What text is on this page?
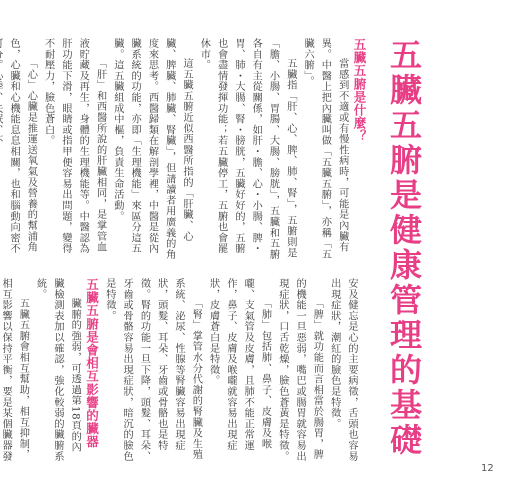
五臟五腑是健康管理的基礎

五臟五腑是什麼？

當感到不適或有慢性病時，可能是內臟有異。中醫上把內臟叫做「五臟五腑」，亦稱「五臟六腑」。

五臟指「肝、心、脾、肺、腎」，五腑則是「膽、小腸、胃腸、大腸、膀胱」，五臟和五腑各自有主從關係，如肝・膽、心・小腸、脾・胃、肺・大腸、腎・膀胱，五臟好好的，五腑也會盡情發揮功能；若五臟停工，五腑也會罷休市。

這五臟五腑近似西醫所指的「肝臟、心臟、脾臟、肺臟、腎臟」，但請讀者用廣義的角度來思考。西醫歸類在解剖學裡，中醫是從內臟系統的功能，亦即「生理機能」來區分這五臟。這五臟組成中樞，負責生命活動。

「肝」和西醫所說的肝臟相同，是掌管血液貯藏及再生，身體的生理機能等。中醫認為肝功能下滑，眼睛或指甲便容易出問題，變得不耐壓力，臉色蒼白。

「心」心臟是推運送氧氣及營養的幫浦角色，心臟和心機能息息相關，也和腦動向密不

安及健忘是心的主要病徵，舌頭也容易出現症狀，潮紅的臉色是特徵。

「脾」就功能而言相當於腸胃，脾的機能一旦惡弱，嘴巴或腸胃就容易出現症狀，口舌乾燥，臉色蒼黃是特徵。

「肺」包括肺、鼻子、皮膚及喉嚨、支氣管及皮膚，且肺不能正常運作，鼻子、皮膚及喉嚨就容易出現症狀，皮膚蒼白是特徵。

「腎」掌管水分代謝的腎臟及生殖系統、泌尿、性腺等腎臟容易出現症狀，頭髮、耳朵、牙齒或骨骼也是特徵。腎的功能一旦下降，頭髮、耳朵、牙齒或骨骼容易出現症狀，暗沉的臉色是特徵。

五臟五腑是會相互影響的臟器

臟腑的強弱，可透過第18頁的內臟檢測表加以確認，強化較弱的臟腑系統。

五臟五腑會相互幫助，相互抑制，相互影響以保持平衡，要是某個臟器發

12
